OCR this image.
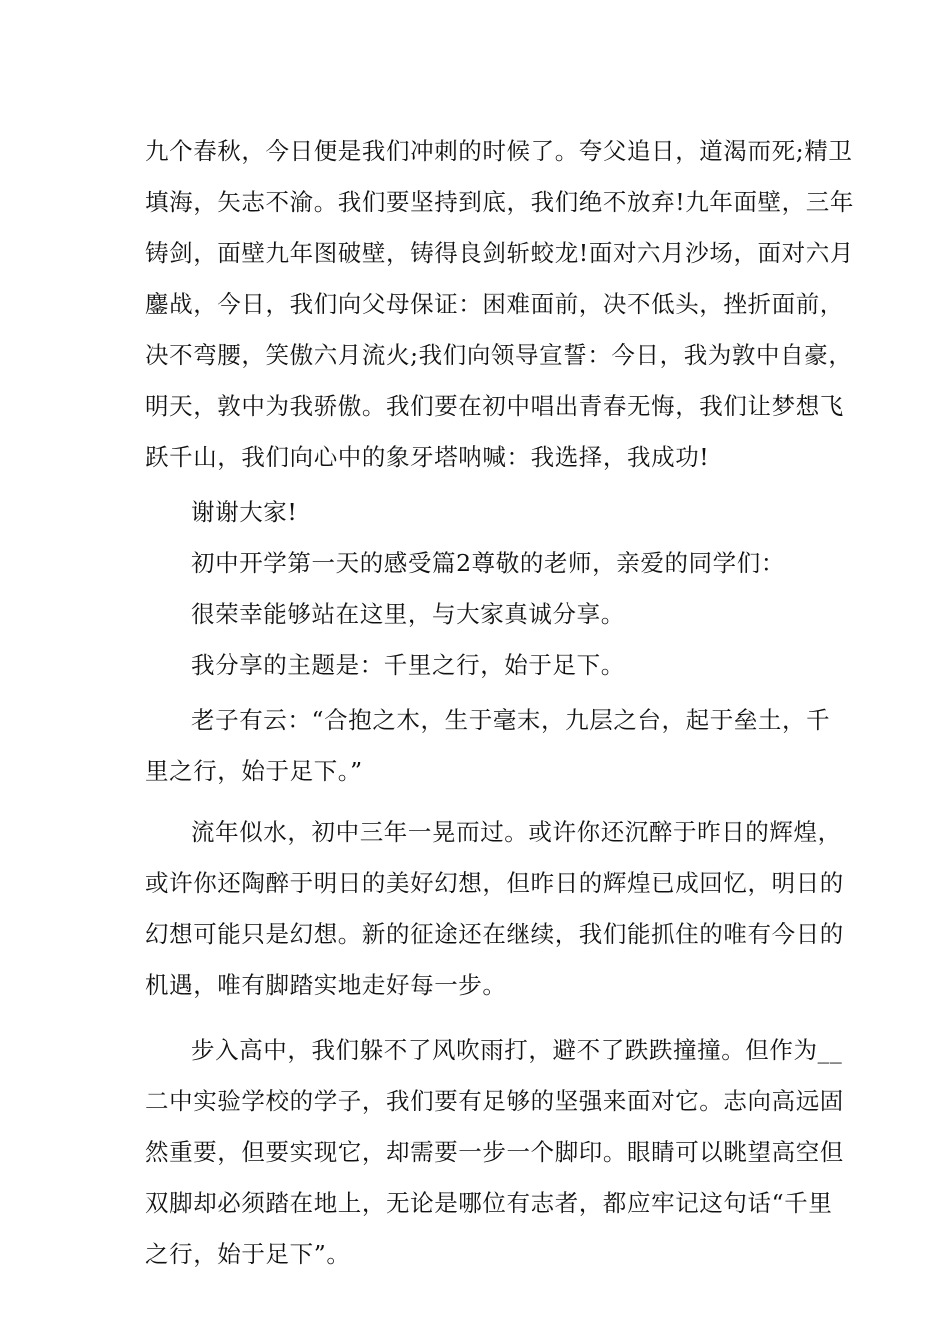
九个春秋，今日便是我们冲刺的时候了。夸父追日，道渴而死;精卫
填海，矢志不渝。我们要坚持到底，我们绝不放弃!九年面壁，三年
铸剑，面壁九年图破壁，铸得良剑斩蛟龙!面对六月沙场，面对六月
鏖战，今日，我们向父母保证：困难面前，决不低头，挫折面前，
决不弯腰，笑傲六月流火;我们向领导宣誓：今日，我为敦中自豪，
明天，敦中为我骄傲。我们要在初中唱出青春无悔，我们让梦想飞
跃千山，我们向心中的象牙塔呐喊：我选择，我成功!
谢谢大家!
初中开学第一天的感受篇2尊敬的老师，亲爱的同学们：
很荣幸能够站在这里，与大家真诚分享。
我分享的主题是：千里之行，始于足下。
老子有云：“合抱之木，生于毫末，九层之台，起于垒土，千
里之行，始于足下。”
流年似水，初中三年一晃而过。或许你还沉醉于昨日的辉煌，
或许你还陶醉于明日的美好幻想，但昨日的辉煌已成回忆，明日的
幻想可能只是幻想。新的征途还在继续，我们能抓住的唯有今日的
机遇，唯有脚踏实地走好每一步。
步入高中，我们躲不了风吹雨打，避不了跌跌撞撞。但作为__
二中实验学校的学子，我们要有足够的坚强来面对它。志向高远固
然重要，但要实现它，却需要一步一个脚印。眼睛可以眺望高空但
双脚却必须踏在地上，无论是哪位有志者，都应牢记这句话“千里
之行，始于足下”。
